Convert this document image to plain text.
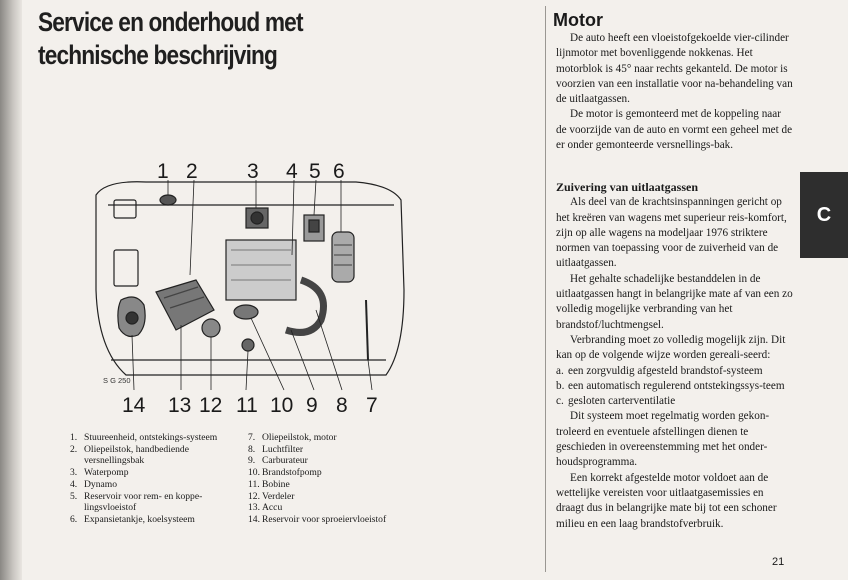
Service en onderhoud met
technische beschrijving
1 2 3 4 5 6
14 13 12 11 10 9 8 7
S G 250
1. Stuureenheid, ontstekings-systeem
2. Oliepeilstok, handbediende versnellingsbak
3. Waterpomp
4. Dynamo
5. Reservoir voor rem- en koppe-lingsvloeistof
6. Expansietankje, koelsysteem
7. Oliepeilstok, motor
8. Luchtfilter
9. Carburateur
10. Brandstofpomp
11. Bobine
12. Verdeler
13. Accu
14. Reservoir voor sproeiervloeistof
Motor

De auto heeft een vloeistofgekoelde vier-cilinder lijnmotor met bovenliggende nokkenas. Het motorblok is 45° naar rechts gekanteld. De motor is voorzien van een installatie voor na-behandeling van de uitlaatgassen.

De motor is gemonteerd met de koppeling naar de voorzijde van de auto en vormt een geheel met de er onder gemonteerde versnellings-bak.

Zuivering van uitlaatgassen

Als deel van de krachtsinspanningen gericht op het kreëren van wagens met superieur reis-komfort, zijn op alle wagens na modeljaar 1976 striktere normen van toepassing voor de zuiverheid van de uitlaatgassen.

Het gehalte schadelijke bestanddelen in de uitlaatgassen hangt in belangrijke mate af van een zo volledig mogelijke verbranding van het brandstof/luchtmengsel.

Verbranding moet zo volledig mogelijk zijn. Dit kan op de volgende wijze worden gereali-seerd:

a. een zorgvuldig afgesteld brandstof-systeem
b. een automatisch regulerend ontstekingssys-teem
c. gesloten carterventilatie

Dit systeem moet regelmatig worden gekon-troleerd en eventuele afstellingen dienen te geschieden in overeenstemming met het onder-houdsprogramma.

Een korrekt afgestelde motor voldoet aan de wettelijke vereisten voor uitlaatgasemissies en draagt dus in belangrijke mate bij tot een schoner milieu en een laag brandstofverbruik.

C
21
